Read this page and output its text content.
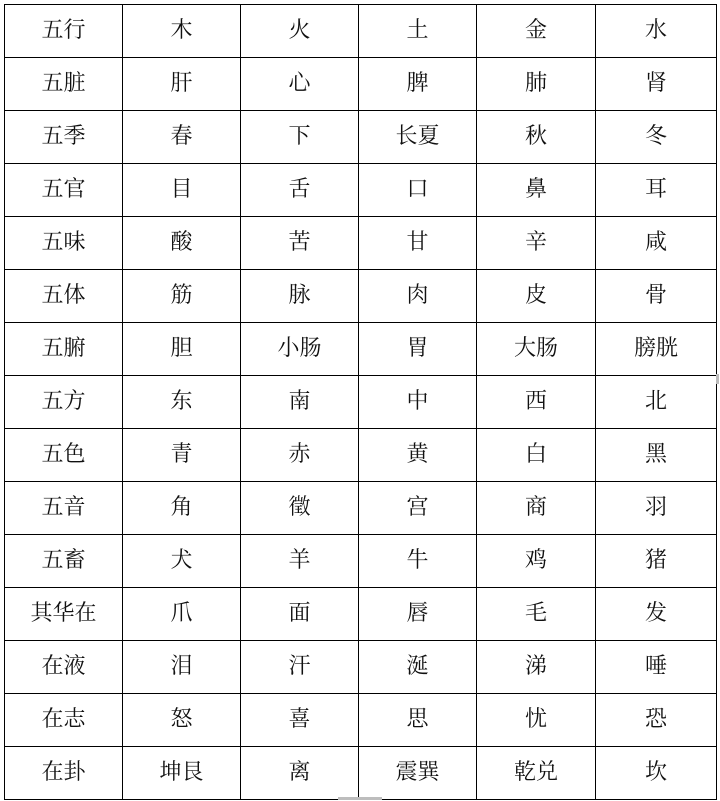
五行	木	火	土	金	水
五脏	肝	心	脾	肺	肾
五季	春	下	长夏	秋	冬
五官	目	舌	口	鼻	耳
五味	酸	苦	甘	辛	咸
五体	筋	脉	肉	皮	骨
五腑	胆	小肠	胃	大肠	膀胱
五方	东	南	中	西	北
五色	青	赤	黄	白	黑
五音	角	徵	宫	商	羽
五畜	犬	羊	牛	鸡	猪
其华在	爪	面	唇	毛	发
在液	泪	汗	涎	涕	唾
在志	怒	喜	思	忧	恐
在卦	坤艮	离	震巽	乾兑	坎
